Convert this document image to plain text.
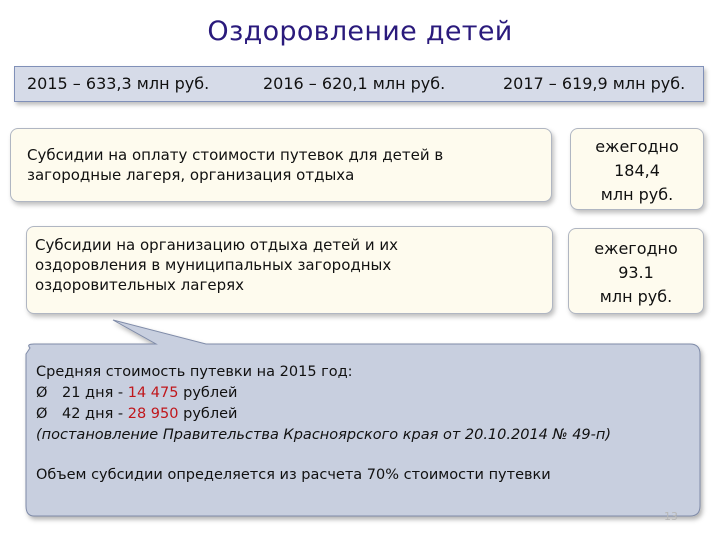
Оздоровление детей
2015 – 633,3 млн руб.	2016 – 620,1 млн руб.	2017 – 619,9 млн руб.
Субсидии на оплату стоимости путевок для детей в
загородные лагеря, организация отдыха
ежегодно
184,4
млн руб.
Субсидии на организацию отдыха детей и их
оздоровления в муниципальных загородных
оздоровительных лагерях
ежегодно
93.1
млн руб.
Средняя стоимость путевки на 2015 год:
Ø 21 дня - 14 475 рублей
Ø 42 дня - 28 950 рублей
(постановление Правительства Красноярского края от 20.10.2014 № 49-п)
Объем субсидии определяется из расчета 70% стоимости путевки
13
